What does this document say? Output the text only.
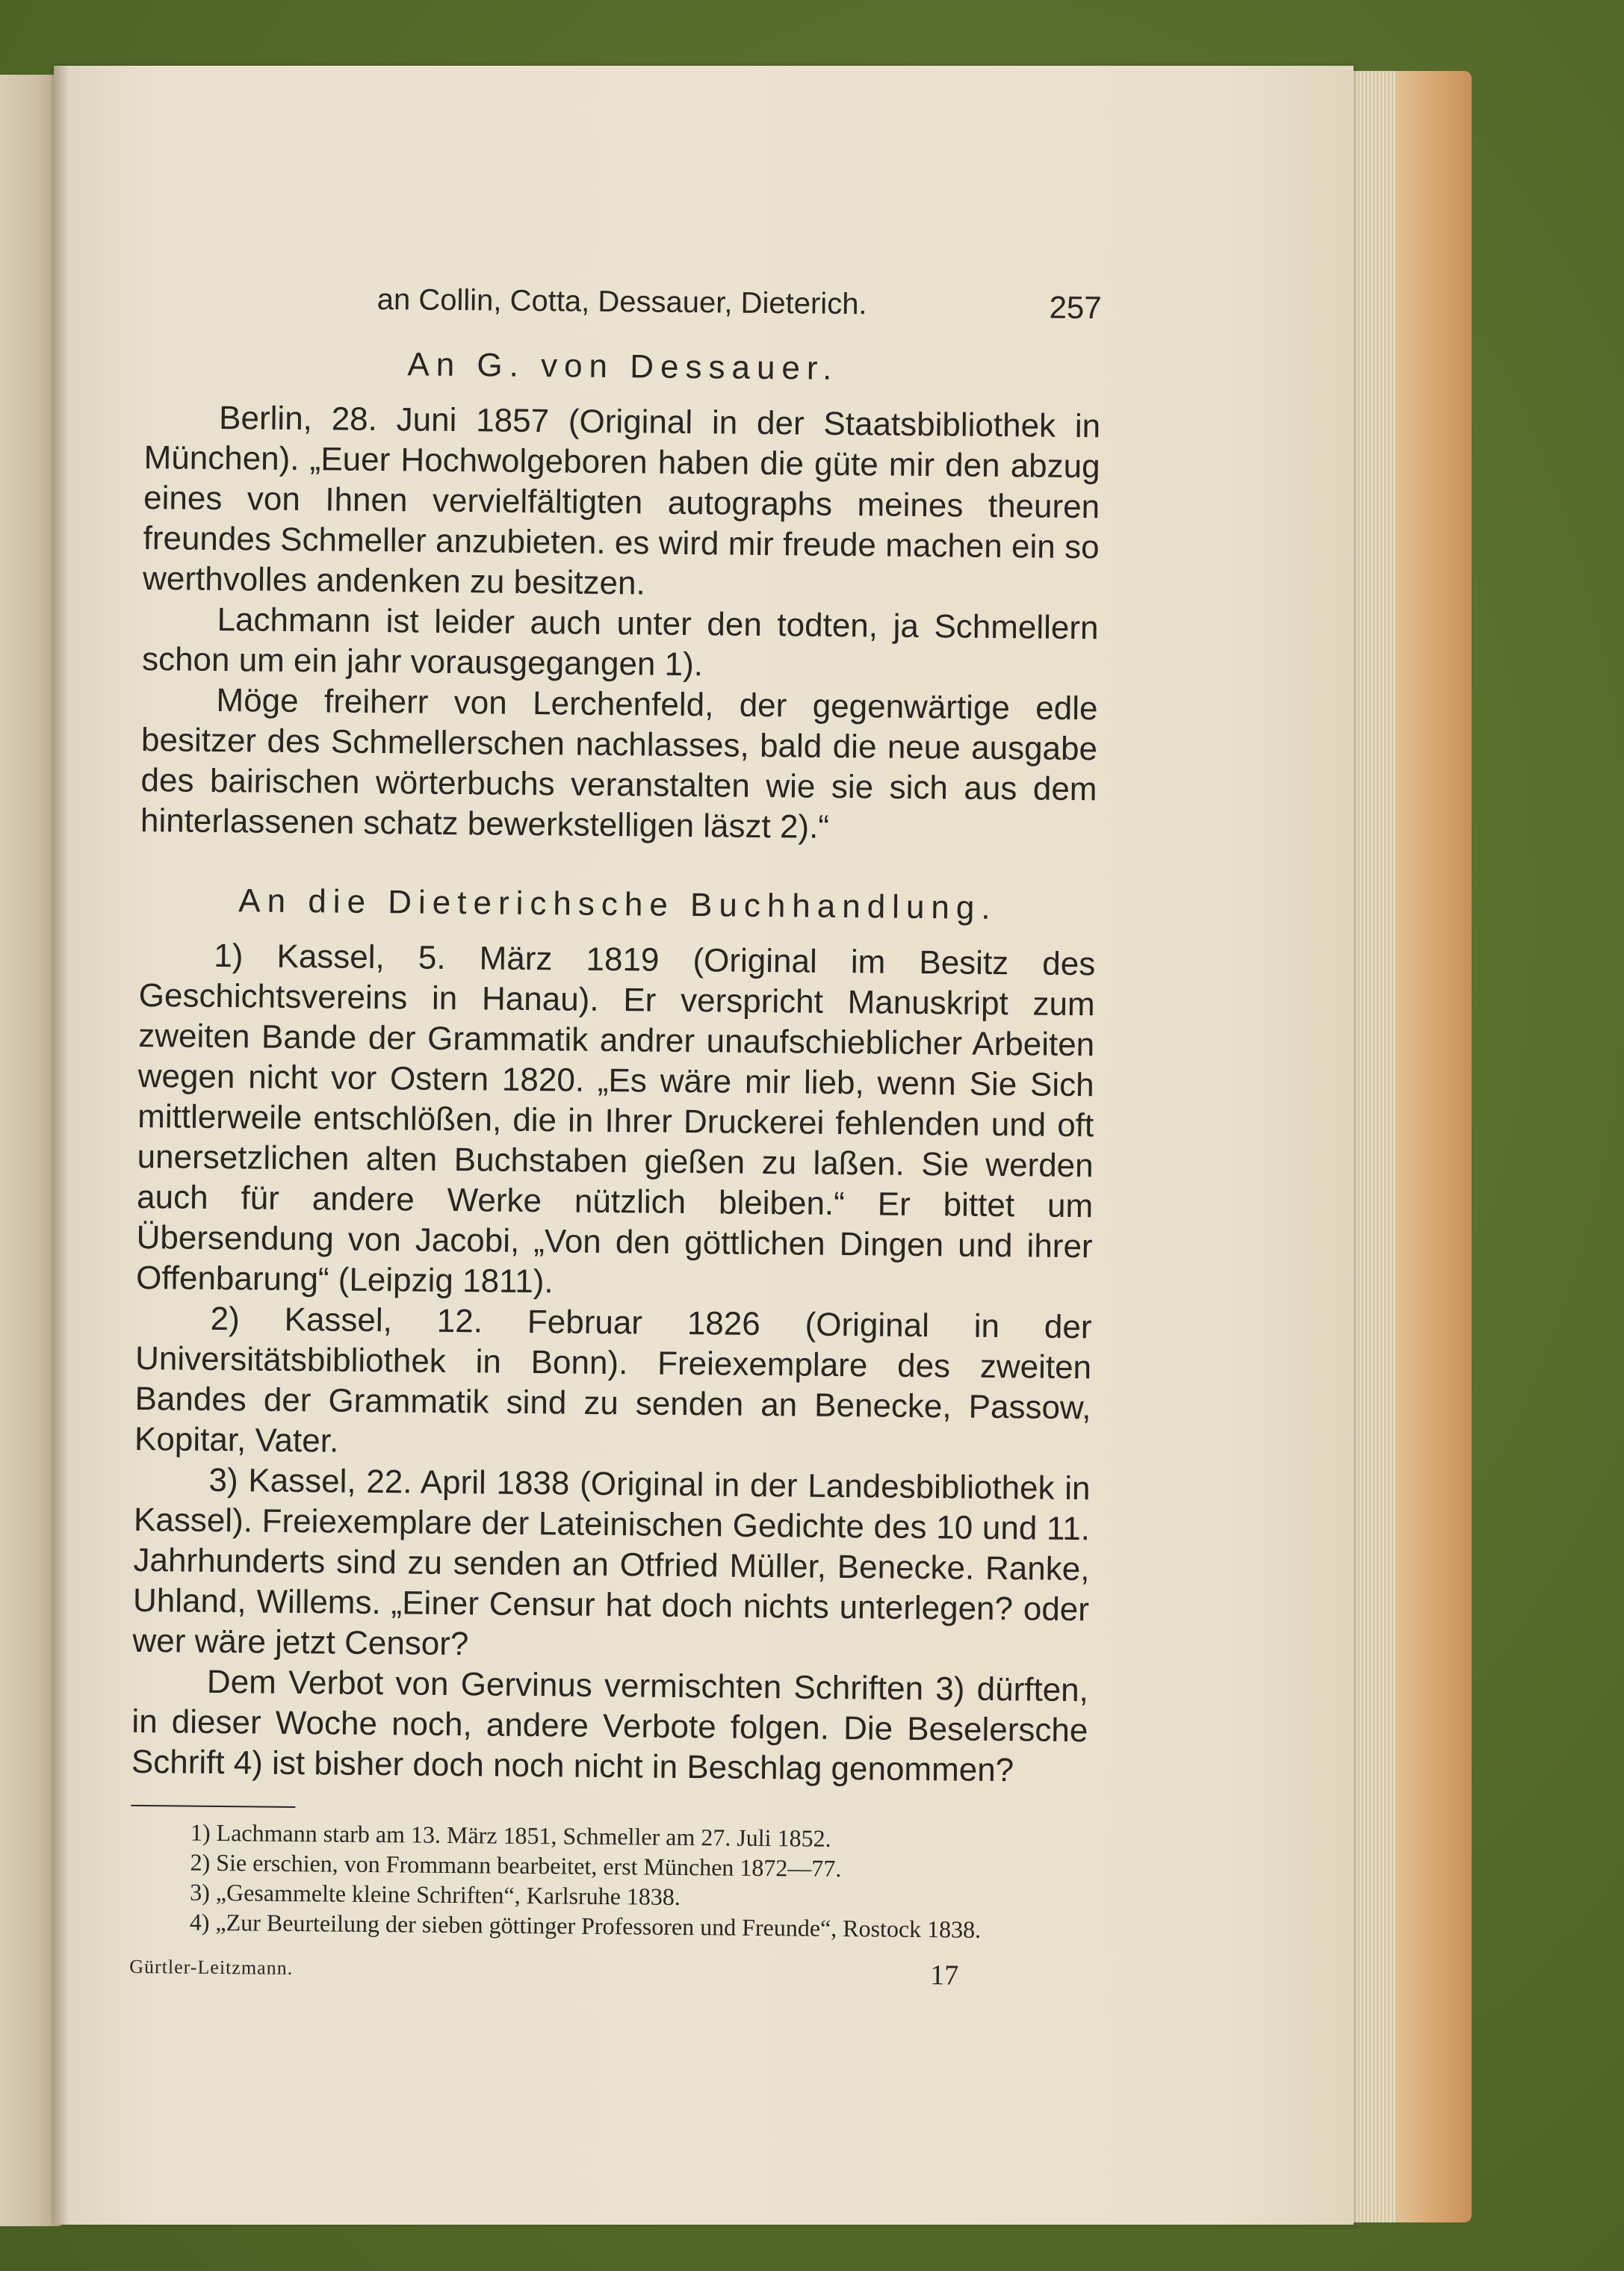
an Collin, Cotta, Dessauer, Dieterich.	257
An G. von Dessauer.

Berlin, 28. Juni 1857 (Original in der Staatsbibliothek in München). „Euer Hochwolgeboren haben die güte mir den abzug eines von Ihnen vervielfältigten autographs meines theuren freundes Schmeller anzubieten. es wird mir freude machen ein so werthvolles andenken zu besitzen.

Lachmann ist leider auch unter den todten, ja Schmellern schon um ein jahr vorausgegangen 1).

Möge freiherr von Lerchenfeld, der gegenwärtige edle besitzer des Schmellerschen nachlasses, bald die neue ausgabe des bairischen wörterbuchs veranstalten wie sie sich aus dem hinterlassenen schatz bewerkstelligen läszt 2).“

An die Dieterichsche Buchhandlung.

1) Kassel, 5. März 1819 (Original im Besitz des Geschichtsvereins in Hanau). Er verspricht Manuskript zum zweiten Bande der Grammatik andrer unaufschieblicher Arbeiten wegen nicht vor Ostern 1820. „Es wäre mir lieb, wenn Sie Sich mittlerweile entschlößen, die in Ihrer Druckerei fehlenden und oft unersetzlichen alten Buchstaben gießen zu laßen. Sie werden auch für andere Werke nützlich bleiben.“ Er bittet um Übersendung von Jacobi, „Von den göttlichen Dingen und ihrer Offenbarung“ (Leipzig 1811).

2) Kassel, 12. Februar 1826 (Original in der Universitätsbibliothek in Bonn). Freiexemplare des zweiten Bandes der Grammatik sind zu senden an Benecke, Passow, Kopitar, Vater.

3) Kassel, 22. April 1838 (Original in der Landesbibliothek in Kassel). Freiexemplare der Lateinischen Gedichte des 10 und 11. Jahrhunderts sind zu senden an Otfried Müller, Benecke. Ranke, Uhland, Willems. „Einer Censur hat doch nichts unterlegen? oder wer wäre jetzt Censor?

Dem Verbot von Gervinus vermischten Schriften 3) dürften, in dieser Woche noch, andere Verbote folgen. Die Beselersche Schrift 4) ist bisher doch noch nicht in Beschlag genommen?

1) Lachmann starb am 13. März 1851, Schmeller am 27. Juli 1852.

2) Sie erschien, von Frommann bearbeitet, erst München 1872—77.

3) „Gesammelte kleine Schriften“, Karlsruhe 1838.

4) „Zur Beurteilung der sieben göttinger Professoren und Freunde“, Rostock 1838.

Gürtler-Leitzmann.	17
